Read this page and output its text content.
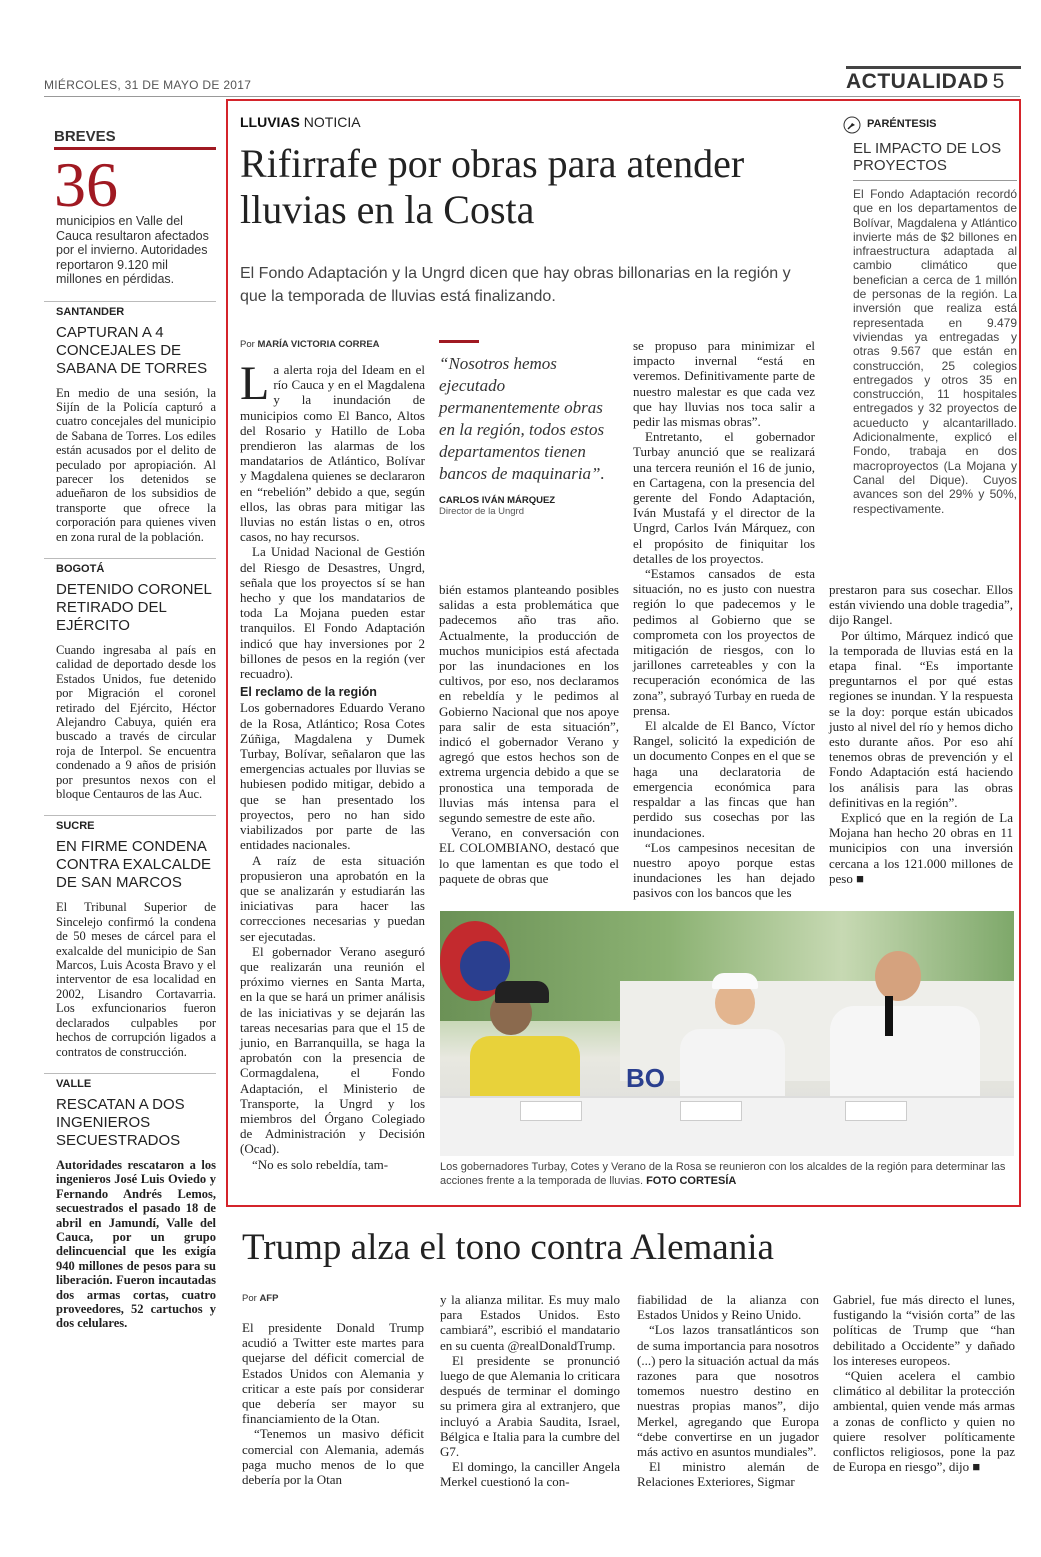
MIÉRCOLES, 31 DE MAYO DE 2017	ACTUALIDAD 5
BREVES
36
municipios en Valle del Cauca resultaron afectados por el invierno. Autoridades reportaron 9.120 mil millones en pérdidas.
SANTANDER
CAPTURAN A 4 CONCEJALES DE SABANA DE TORRES
En medio de una sesión, la Sijín de la Policía capturó a cuatro concejales del municipio de Sabana de Torres. Los ediles están acusados por el delito de peculado por apropiación. Al parecer los detenidos se adueñaron de los subsidios de transporte que ofrece la corporación para quienes viven en zona rural de la población.
BOGOTÁ
DETENIDO CORONEL RETIRADO DEL EJÉRCITO
Cuando ingresaba al país en calidad de deportado desde los Estados Unidos, fue detenido por Migración el coronel retirado del Ejército, Héctor Alejandro Cabuya, quién era buscado a través de circular roja de Interpol. Se encuentra condenado a 9 años de prisión por presuntos nexos con el bloque Centauros de las Auc.
SUCRE
EN FIRME CONDENA CONTRA EXALCALDE DE SAN MARCOS
El Tribunal Superior de Sincelejo confirmó la condena de 50 meses de cárcel para el exalcalde del municipio de San Marcos, Luis Acosta Bravo y el interventor de esa localidad en 2002, Lisandro Cortavarria. Los exfuncionarios fueron declarados culpables por hechos de corrupción ligados a contratos de construcción.
VALLE
RESCATAN A DOS INGENIEROS SECUESTRADOS
Autoridades rescataron a los ingenieros José Luis Oviedo y Fernando Andrés Lemos, secuestrados el pasado 18 de abril en Jamundí, Valle del Cauca, por un grupo delincuencial que les exigía 940 millones de pesos para su liberación. Fueron incautadas dos armas cortas, cuatro proveedores, 52 cartuchos y dos celulares.
LLUVIAS NOTICIA
Rifirrafe por obras para atender lluvias en la Costa
El Fondo Adaptación y la Ungrd dicen que hay obras billonarias en la región y que la temporada de lluvias está finalizando.
Por MARÍA VICTORIA CORREA

La alerta roja del Ideam en el río Cauca y en el Magdalena y la inundación de municipios como El Banco, Altos del Rosario y Hatillo de Loba prendieron las alarmas de los mandatarios de Atlántico, Bolívar y Magdalena quienes se declararon en “rebelión” debido a que, según ellos, las obras para mitigar las lluvias no están listas o en, otros casos, no hay recursos.

La Unidad Nacional de Gestión del Riesgo de Desastres, Ungrd, señala que los proyectos sí se han hecho y que los mandatarios de toda La Mojana pueden estar tranquilos. El Fondo Adaptación indicó que hay inversiones por 2 billones de pesos en la región (ver recuadro).

El reclamo de la región

Los gobernadores Eduardo Verano de la Rosa, Atlántico; Rosa Cotes Zúñiga, Magdalena y Dumek Turbay, Bolívar, señalaron que las emergencias actuales por lluvias se hubiesen podido mitigar, debido a que se han presentado los proyectos, pero no han sido viabilizados por parte de las entidades nacionales.

A raíz de esta situación propusieron una aprobatón en la que se analizarán y estudiarán las iniciativas para hacer las correcciones necesarias y puedan ser ejecutadas.

El gobernador Verano aseguró que realizarán una reunión el próximo viernes en Santa Marta, en la que se hará un primer análisis de las iniciativas y se dejarán las tareas necesarias para que el 15 de junio, en Barranquilla, se haga la aprobatón con la presencia de Cormagdalena, el Fondo Adaptación, el Ministerio de Transporte, la Ungrd y los miembros del Órgano Colegiado de Administración y Decisión (Ocad).

“No es solo rebeldía, tam-

“Nosotros hemos ejecutado permanentemente obras en la región, todos estos departamentos tienen bancos de maquinaria”.
CARLOS IVÁN MÁRQUEZ
Director de la Ungrd

bién estamos planteando posibles salidas a esta problemática que padecemos año tras año. Actualmente, la producción de muchos municipios está afectada por las inundaciones en los cultivos, por eso, nos declaramos en rebeldía y le pedimos al Gobierno Nacional que nos apoye para salir de esta situación”, indicó el gobernador Verano y agregó que estos hechos son de extrema urgencia debido a que se pronostica una temporada de lluvias más intensa para el segundo semestre de este año.

Verano, en conversación con EL COLOMBIANO, destacó que lo que lamentan es que todo el paquete de obras que

se propuso para minimizar el impacto invernal “está en veremos. Definitivamente parte de nuestro malestar es que cada vez que hay lluvias nos toca salir a pedir las mismas obras”.

Entretanto, el gobernador Turbay anunció que se realizará una tercera reunión el 16 de junio, en Cartagena, con la presencia del gerente del Fondo Adaptación, Iván Mustafá y el director de la Ungrd, Carlos Iván Márquez, con el propósito de finiquitar los detalles de los proyectos.

“Estamos cansados de esta situación, no es justo con nuestra región lo que padecemos y le pedimos al Gobierno que se comprometa con los proyectos de mitigación de riesgos, con lo jarillones carreteables y con la recuperación económica de las zona”, subrayó Turbay en rueda de prensa.

El alcalde de El Banco, Víctor Rangel, solicitó la expedición de un documento Conpes en el que se haga una declaratoria de emergencia económica para respaldar a las fincas que han perdido sus cosechas por las inundaciones.

“Los campesinos necesitan de nuestro apoyo porque estas inundaciones les han dejado pasivos con los bancos que les

prestaron para sus cosechar. Ellos están viviendo una doble tragedia”, dijo Rangel.

Por último, Márquez indicó que la temporada de lluvias está en la etapa final. “Es importante preguntarnos el por qué estas regiones se inundan. Y la respuesta se la doy: porque están ubicados justo al nivel del río y hemos dicho esto durante años. Por eso ahí tenemos obras de prevención y el Fondo Adaptación está haciendo los análisis para las obras definitivas en la región”.

Explicó que en la región de La Mojana han hecho 20 obras en 11 municipios con una inversión cercana a los 121.000 millones de peso ■

PARÉNTESIS
EL IMPACTO DE LOS PROYECTOS
El Fondo Adaptación recordó que en los departamentos de Bolívar, Magdalena y Atlántico invierte más de $2 billones en infraestructura adaptada al cambio climático que benefician a cerca de 1 millón de personas de la región. La inversión que realiza está representada en 9.479 viviendas ya entregadas y otras 9.567 que están en construcción, 25 colegios entregados y otros 35 en construcción, 11 hospitales entregados y 32 proyectos de acueducto y alcantarillado. Adicionalmente, explicó el Fondo, trabaja en dos macroproyectos (La Mojana y Canal del Dique). Cuyos avances son del 29% y 50%, respectivamente.
BO
Los gobernadores Turbay, Cotes y Verano de la Rosa se reunieron con los alcaldes de la región para determinar las acciones frente a la temporada de lluvias. FOTO CORTESÍA
Trump alza el tono contra Alemania
Por AFP

El presidente Donald Trump acudió a Twitter este martes para quejarse del déficit comercial de Estados Unidos con Alemania y criticar a este país por considerar que debería ser mayor su financiamiento de la Otan.

“Tenemos un masivo déficit comercial con Alemania, además paga mucho menos de lo que debería por la Otan

y la alianza militar. Es muy malo para Estados Unidos. Esto cambiará”, escribió el mandatario en su cuenta @realDonaldTrump.

El presidente se pronunció luego de que Alemania lo criticara después de terminar el domingo su primera gira al extranjero, que incluyó a Arabia Saudita, Israel, Bélgica e Italia para la cumbre del G7.

El domingo, la canciller Angela Merkel cuestionó la con-

fiabilidad de la alianza con Estados Unidos y Reino Unido.

“Los lazos transatlánticos son de suma importancia para nosotros (...) pero la situación actual da más razones para que nosotros tomemos nuestro destino en nuestras propias manos”, dijo Merkel, agregando que Europa “debe convertirse en un jugador más activo en asuntos mundiales”.

El ministro alemán de Relaciones Exteriores, Sigmar

Gabriel, fue más directo el lunes, fustigando la “visión corta” de las políticas de Trump que “han debilitado a Occidente” y dañado los intereses europeos.

“Quien acelera el cambio climático al debilitar la protección ambiental, quien vende más armas a zonas de conflicto y quien no quiere resolver políticamente conflictos religiosos, pone la paz de Europa en riesgo”, dijo ■
